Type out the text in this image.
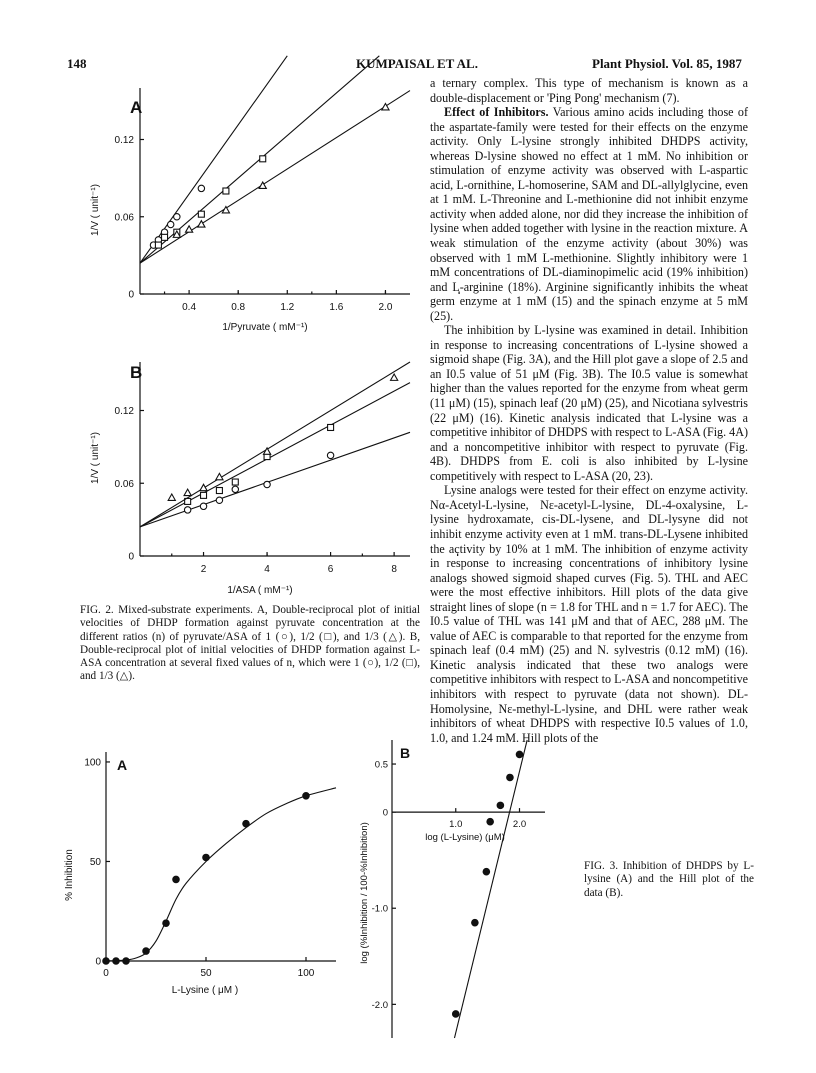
148	KUMPAISAL ET AL.	Plant Physiol. Vol. 85, 1987

a ternary complex. This type of mechanism is known as a double-displacement or 'Ping Pong' mechanism (7).

Effect of Inhibitors. Various amino acids including those of the aspartate-family were tested for their effects on the enzyme activity. Only L-lysine strongly inhibited DHDPS activity, whereas D-lysine showed no effect at 1 mM. No inhibition or stimulation of enzyme activity was observed with L-aspartic acid, L-ornithine, L-homoserine, SAM and DL-allylglycine, even at 1 mM. L-Threonine and L-methionine did not inhibit enzyme activity when added alone, nor did they increase the inhibition of lysine when added together with lysine in the reaction mixture. A weak stimulation of the enzyme activity (about 30%) was observed with 1 mM L-methionine. Slightly inhibitory were 1 mM concentrations of DL-diaminopimelic acid (19% inhibition) and L-arginine (18%). Arginine significantly inhibits the wheat germ enzyme at 1 mM (15) and the spinach enzyme at 5 mM (25).

The inhibition by L-lysine was examined in detail. Inhibition in response to increasing concentrations of L-lysine showed a sigmoid shape (Fig. 3A), and the Hill plot gave a slope of 2.5 and an I0.5 value of 51 μM (Fig. 3B). The I0.5 value is somewhat higher than the values reported for the enzyme from wheat germ (11 μM) (15), spinach leaf (20 μM) (25), and Nicotiana sylvestris (22 μM) (16). Kinetic analysis indicated that L-lysine was a competitive inhibitor of DHDPS with respect to L-ASA (Fig. 4A) and a noncompetitive inhibitor with respect to pyruvate (Fig. 4B). DHDPS from E. coli is also inhibited by L-lysine competitively with respect to L-ASA (20, 23).

Lysine analogs were tested for their effect on enzyme activity. Nα-Acetyl-L-lysine, Nε-acetyl-L-lysine, DL-4-oxalysine, L-lysine hydroxamate, cis-DL-lysene, and DL-lysyne did not inhibit enzyme activity even at 1 mM. trans-DL-Lysene inhibited the activity by 10% at 1 mM. The inhibition of enzyme activity in response to increasing concentrations of inhibitory lysine analogs showed sigmoid shaped curves (Fig. 5). THL and AEC were the most effective inhibitors. Hill plots of the data give straight lines of slope (n = 1.8 for THL and n = 1.7 for AEC). The I0.5 value of THL was 141 μM and that of AEC, 288 μM. The value of AEC is comparable to that reported for the enzyme from spinach leaf (0.4 mM) (25) and N. sylvestris (0.12 mM) (16). Kinetic analysis indicated that these two analogs were competitive inhibitors with respect to L-ASA and noncompetitive inhibitors with respect to pyruvate (data not shown). DL-Homolysine, Nε-methyl-L-lysine, and DHL were rather weak inhibitors of wheat DHDPS with respective I0.5 values of 1.0, 1.0, and 1.24 mM. Hill plots of the

A
1/V ( unit⁻¹)
1/Pyruvate ( mM⁻¹)
0.4	0.8	1.2	1.6	2.0
0
0.06
0.12
B
1/V ( unit⁻¹)
1/ASA ( mM⁻¹)
2	4	6	8
0
0.06
0.12
FIG. 2. Mixed-substrate experiments. A, Double-reciprocal plot of initial velocities of DHDP formation against pyruvate concentration at the different ratios (n) of pyruvate/ASA of 1 (○), 1/2 (□), and 1/3 (△). B, Double-reciprocal plot of initial velocities of DHDP formation against L-ASA concentration at several fixed values of n, which were 1 (○), 1/2 (□), and 1/3 (△).
A
% Inhibition
L-Lysine ( μM )
0	50	100
0
50
100
B
log (%Inhibition / 100-%Inhibition)	log (L-Lysine) (μM)
1.0	2.0
0.5
0
-1.0
-2.0
FIG. 3. Inhibition of DHDPS by L-lysine (A) and the Hill plot of the data (B).
